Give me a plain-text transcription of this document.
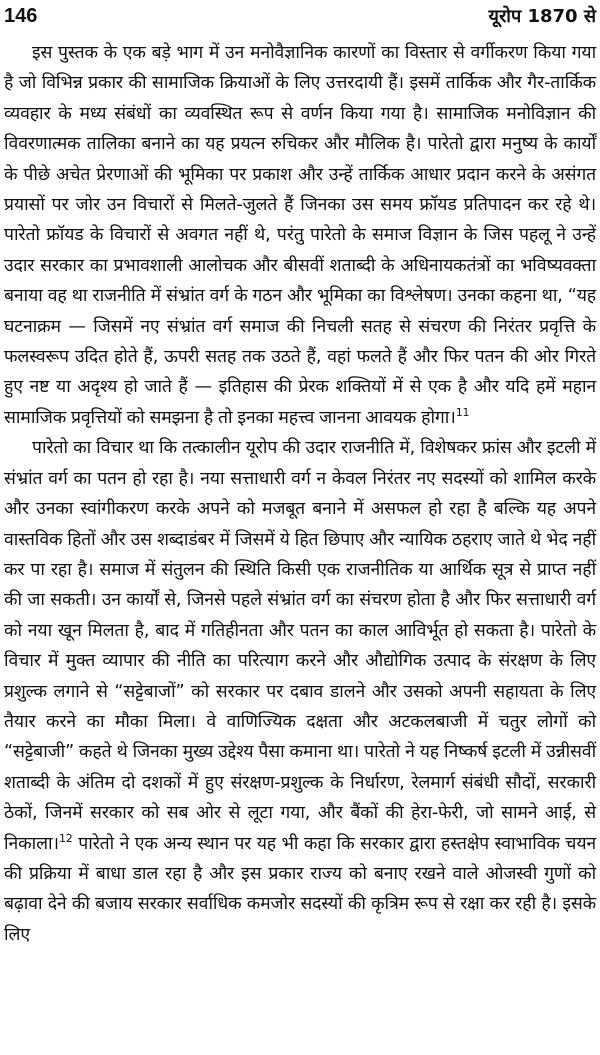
146	यूरोप 1870 से

इस पुस्तक के एक बड़े भाग में उन मनोवैज्ञानिक कारणों का विस्तार से वर्गीकरण किया गया है जो विभिन्न प्रकार की सामाजिक क्रियाओं के लिए उत्तरदायी हैं। इसमें तार्किक और गैर-तार्किक व्यवहार के मध्य संबंधों का व्यवस्थित रूप से वर्णन किया गया है। सामाजिक मनोविज्ञान की विवरणात्मक तालिका बनाने का यह प्रयत्न रुचिकर और मौलिक है। पारेतो द्वारा मनुष्य के कार्यों के पीछे अचेत प्रेरणाओं की भूमिका पर प्रकाश और उन्हें तार्किक आधार प्रदान करने के असंगत प्रयासों पर जोर उन विचारों से मिलते-जुलते हैं जिनका उस समय फ्रॉयड प्रतिपादन कर रहे थे। पारेतो फ्रॉयड के विचारों से अवगत नहीं थे, परंतु पारेतो के समाज विज्ञान के जिस पहलू ने उन्हें उदार सरकार का प्रभावशाली आलोचक और बीसवीं शताब्दी के अधिनायकतंत्रों का भविष्यवक्ता बनाया वह था राजनीति में संभ्रांत वर्ग के गठन और भूमिका का विश्लेषण। उनका कहना था, “यह घटनाक्रम — जिसमें नए संभ्रांत वर्ग समाज की निचली सतह से संचरण की निरंतर प्रवृत्ति के फलस्वरूप उदित होते हैं, ऊपरी सतह तक उठते हैं, वहां फलते हैं और फिर पतन की ओर गिरते हुए नष्ट या अदृश्य हो जाते हैं — इतिहास की प्रेरक शक्तियों में से एक है और यदि हमें महान सामाजिक प्रवृत्तियों को समझना है तो इनका महत्त्व जानना आवयक होगा।$^{11}$

पारेतो का विचार था कि तत्कालीन यूरोप की उदार राजनीति में, विशेषकर फ्रांस और इटली में संभ्रांत वर्ग का पतन हो रहा है। नया सत्ताधारी वर्ग न केवल निरंतर नए सदस्यों को शामिल करके और उनका स्वांगीकरण करके अपने को मजबूत बनाने में असफल हो रहा है बल्कि यह अपने वास्तविक हितों और उस शब्दाडंबर में जिसमें ये हित छिपाए और न्यायिक ठहराए जाते थे भेद नहीं कर पा रहा है। समाज में संतुलन की स्थिति किसी एक राजनीतिक या आर्थिक सूत्र से प्राप्त नहीं की जा सकती। उन कार्यों से, जिनसे पहले संभ्रांत वर्ग का संचरण होता है और फिर सत्ताधारी वर्ग को नया खून मिलता है, बाद में गतिहीनता और पतन का काल आविर्भूत हो सकता है। पारेतो के विचार में मुक्त व्यापार की नीति का परित्याग करने और औद्योगिक उत्पाद के संरक्षण के लिए प्रशुल्क लगाने से “सट्टेबाजों” को सरकार पर दबाव डालने और उसको अपनी सहायता के लिए तैयार करने का मौका मिला। वे वाणिज्यिक दक्षता और अटकलबाजी में चतुर लोगों को “सट्टेबाजी” कहते थे जिनका मुख्य उद्देश्य पैसा कमाना था। पारेतो ने यह निष्कर्ष इटली में उन्नीसवीं शताब्दी के अंतिम दो दशकों में हुए संरक्षण-प्रशुल्क के निर्धारण, रेलमार्ग संबंधी सौदों, सरकारी ठेकों, जिनमें सरकार को सब ओर से लूटा गया, और बैंकों की हेरा-फेरी, जो सामने आई, से निकाला।$^{12}$ पारेतो ने एक अन्य स्थान पर यह भी कहा कि सरकार द्वारा हस्तक्षेप स्वाभाविक चयन की प्रक्रिया में बाधा डाल रहा है और इस प्रकार राज्य को बनाए रखने वाले ओजस्वी गुणों को बढ़ावा देने की बजाय सरकार सर्वाधिक कमजोर सदस्यों की कृत्रिम रूप से रक्षा कर रही है। इसके लिए
